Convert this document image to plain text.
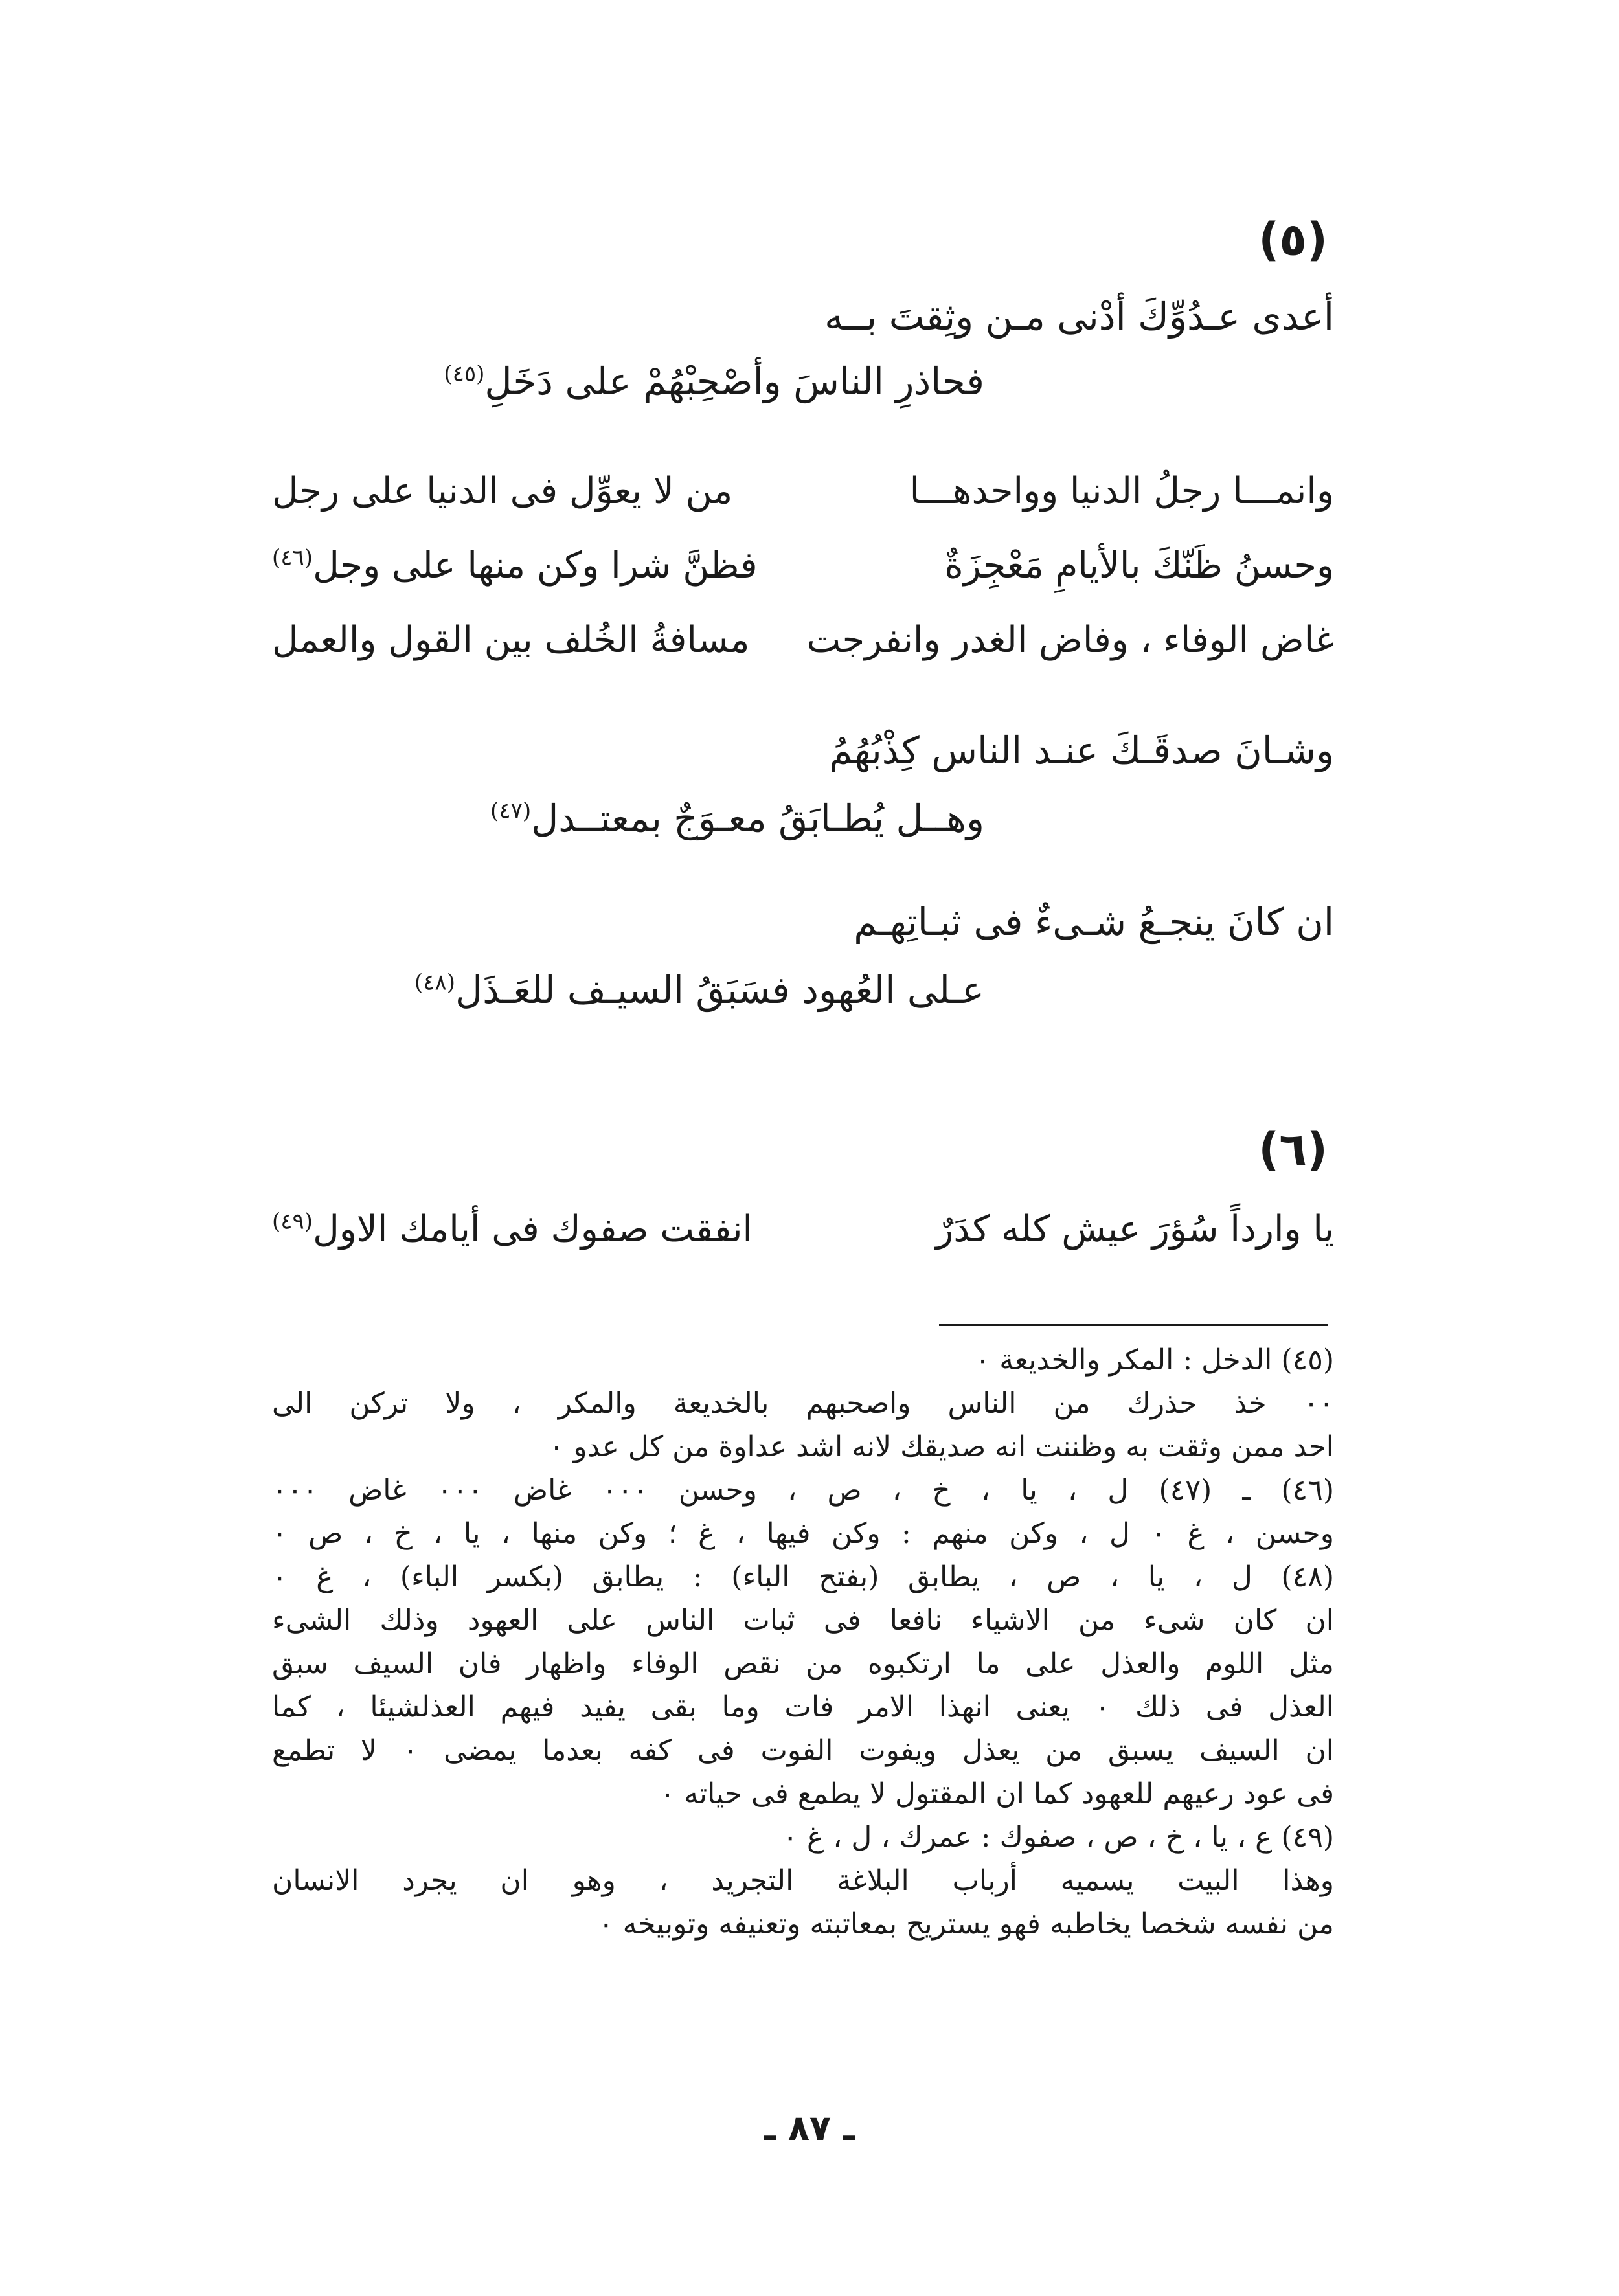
(٥)
أعدى عـدُوِّكَ أدْنى مـن وثِقتَ بــه
فحاذرِ الناسَ وأصْحِبْهُمْ على دَخَلِ$^{(٤٥)}$
وانمـــا رجلُ الدنيا وواحدهـــا
من لا يعوِّل فى الدنيا على رجل
وحسنُ ظَنّكَ بالأيامِ مَعْجِزَةٌ
فظنَّ شرا وكن منها على وجل$^{(٤٦)}$
غاض الوفاء ، وفاض الغدر وانفرجت
مسافةُ الخُلف بين القول والعمل
وشـانَ صدقَـكَ عنـد الناس كِذْبُهُمُ
وهــل يُطـابَقُ معـوَجٌ بمعتــدل$^{(٤٧)}$
ان كانَ ينجـعُ شـىءٌ فى ثبـاتِهـم
عـلى العُهود فسَبَقُ السيـف للعَـذَل$^{(٤٨)}$
(٦)
يا وارداً سُؤرَ عيش كله كدَرٌ
انفقت صفوك فى أيامك الاول$^{(٤٩)}$
(٤٥) الدخل : المكر والخديعة ٠
٠٠ خذ حذرك من الناس واصحبهم بالخديعة والمكر ، ولا تركن الى
احد ممن وثقت به وظننت انه صديقك لانه اشد عداوة من كل عدو ٠
(٤٦) ـ (٤٧) ل ، يا ، خ ، ص ، وحسن ٠٠٠ غاض ٠٠٠ غاض ٠٠٠
وحسن ، غ ٠ ل ، وكن منهم : وكن فيها ، غ ؛ وكن منها ، يا ، خ ، ص ٠
(٤٨) ل ، يا ، ص ، يطابق (بفتح الباء) : يطابق (بكسر الباء) ، غ ٠
ان كان شىء من الاشياء نافعا فى ثبات الناس على العهود وذلك الشىء
مثل اللوم والعذل على ما ارتكبوه من نقص الوفاء واظهار فان السيف سبق
العذل فى ذلك ٠ يعنى انهذا الامر فات وما بقى يفيد فيهم العذلشيئا ، كما
ان السيف يسبق من يعذل ويفوت الفوت فى كفه بعدما يمضى ٠ لا تطمع
فى عود رعيهم للعهود كما ان المقتول لا يطمع فى حياته ٠
(٤٩) ع ، يا ، خ ، ص ، صفوك : عمرك ، ل ، غ ٠
وهذا البيت يسميه أرباب البلاغة التجريد ، وهو ان يجرد الانسان
من نفسه شخصا يخاطبه فهو يستريح بمعاتبته وتعنيفه وتوبيخه ٠
ـ ٨٧ ـ
